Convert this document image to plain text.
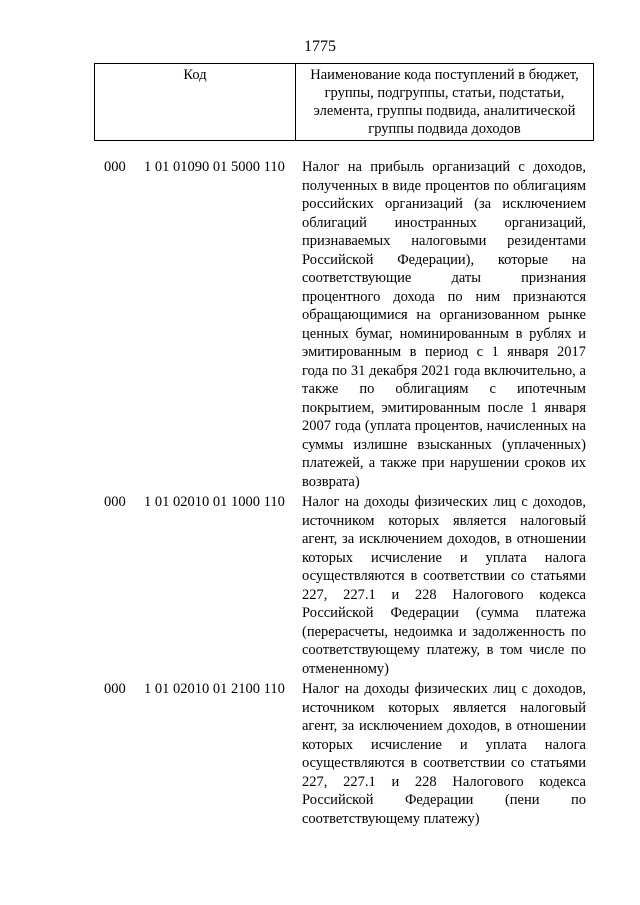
1775
Код	Наименование кода поступлений в бюджет, группы, подгруппы, статьи, подстатьи, элемента, группы подвида, аналитической группы подвида доходов
000 1 01 01090 01 5000 110 Налог на прибыль организаций с доходов, полученных в виде процентов по облигациям российских организаций (за исключением облигаций иностранных организаций, признаваемых налоговыми резидентами Российской Федерации), которые на соответствующие даты признания процентного дохода по ним признаются обращающимися на организованном рынке ценных бумаг, номинированным в рублях и эмитированным в период с 1 января 2017 года по 31 декабря 2021 года включительно, а также по облигациям с ипотечным покрытием, эмитированным после 1 января 2007 года (уплата процентов, начисленных на суммы излишне взысканных (уплаченных) платежей, а также при нарушении сроков их возврата)
000 1 01 02010 01 1000 110 Налог на доходы физических лиц с доходов, источником которых является налоговый агент, за исключением доходов, в отношении которых исчисление и уплата налога осуществляются в соответствии со статьями 227, 227.1 и 228 Налогового кодекса Российской Федерации (сумма платежа (перерасчеты, недоимка и задолженность по соответствующему платежу, в том числе по отмененному)
000 1 01 02010 01 2100 110 Налог на доходы физических лиц с доходов, источником которых является налоговый агент, за исключением доходов, в отношении которых исчисление и уплата налога осуществляются в соответствии со статьями 227, 227.1 и 228 Налогового кодекса Российской Федерации (пени по соответствующему платежу)
